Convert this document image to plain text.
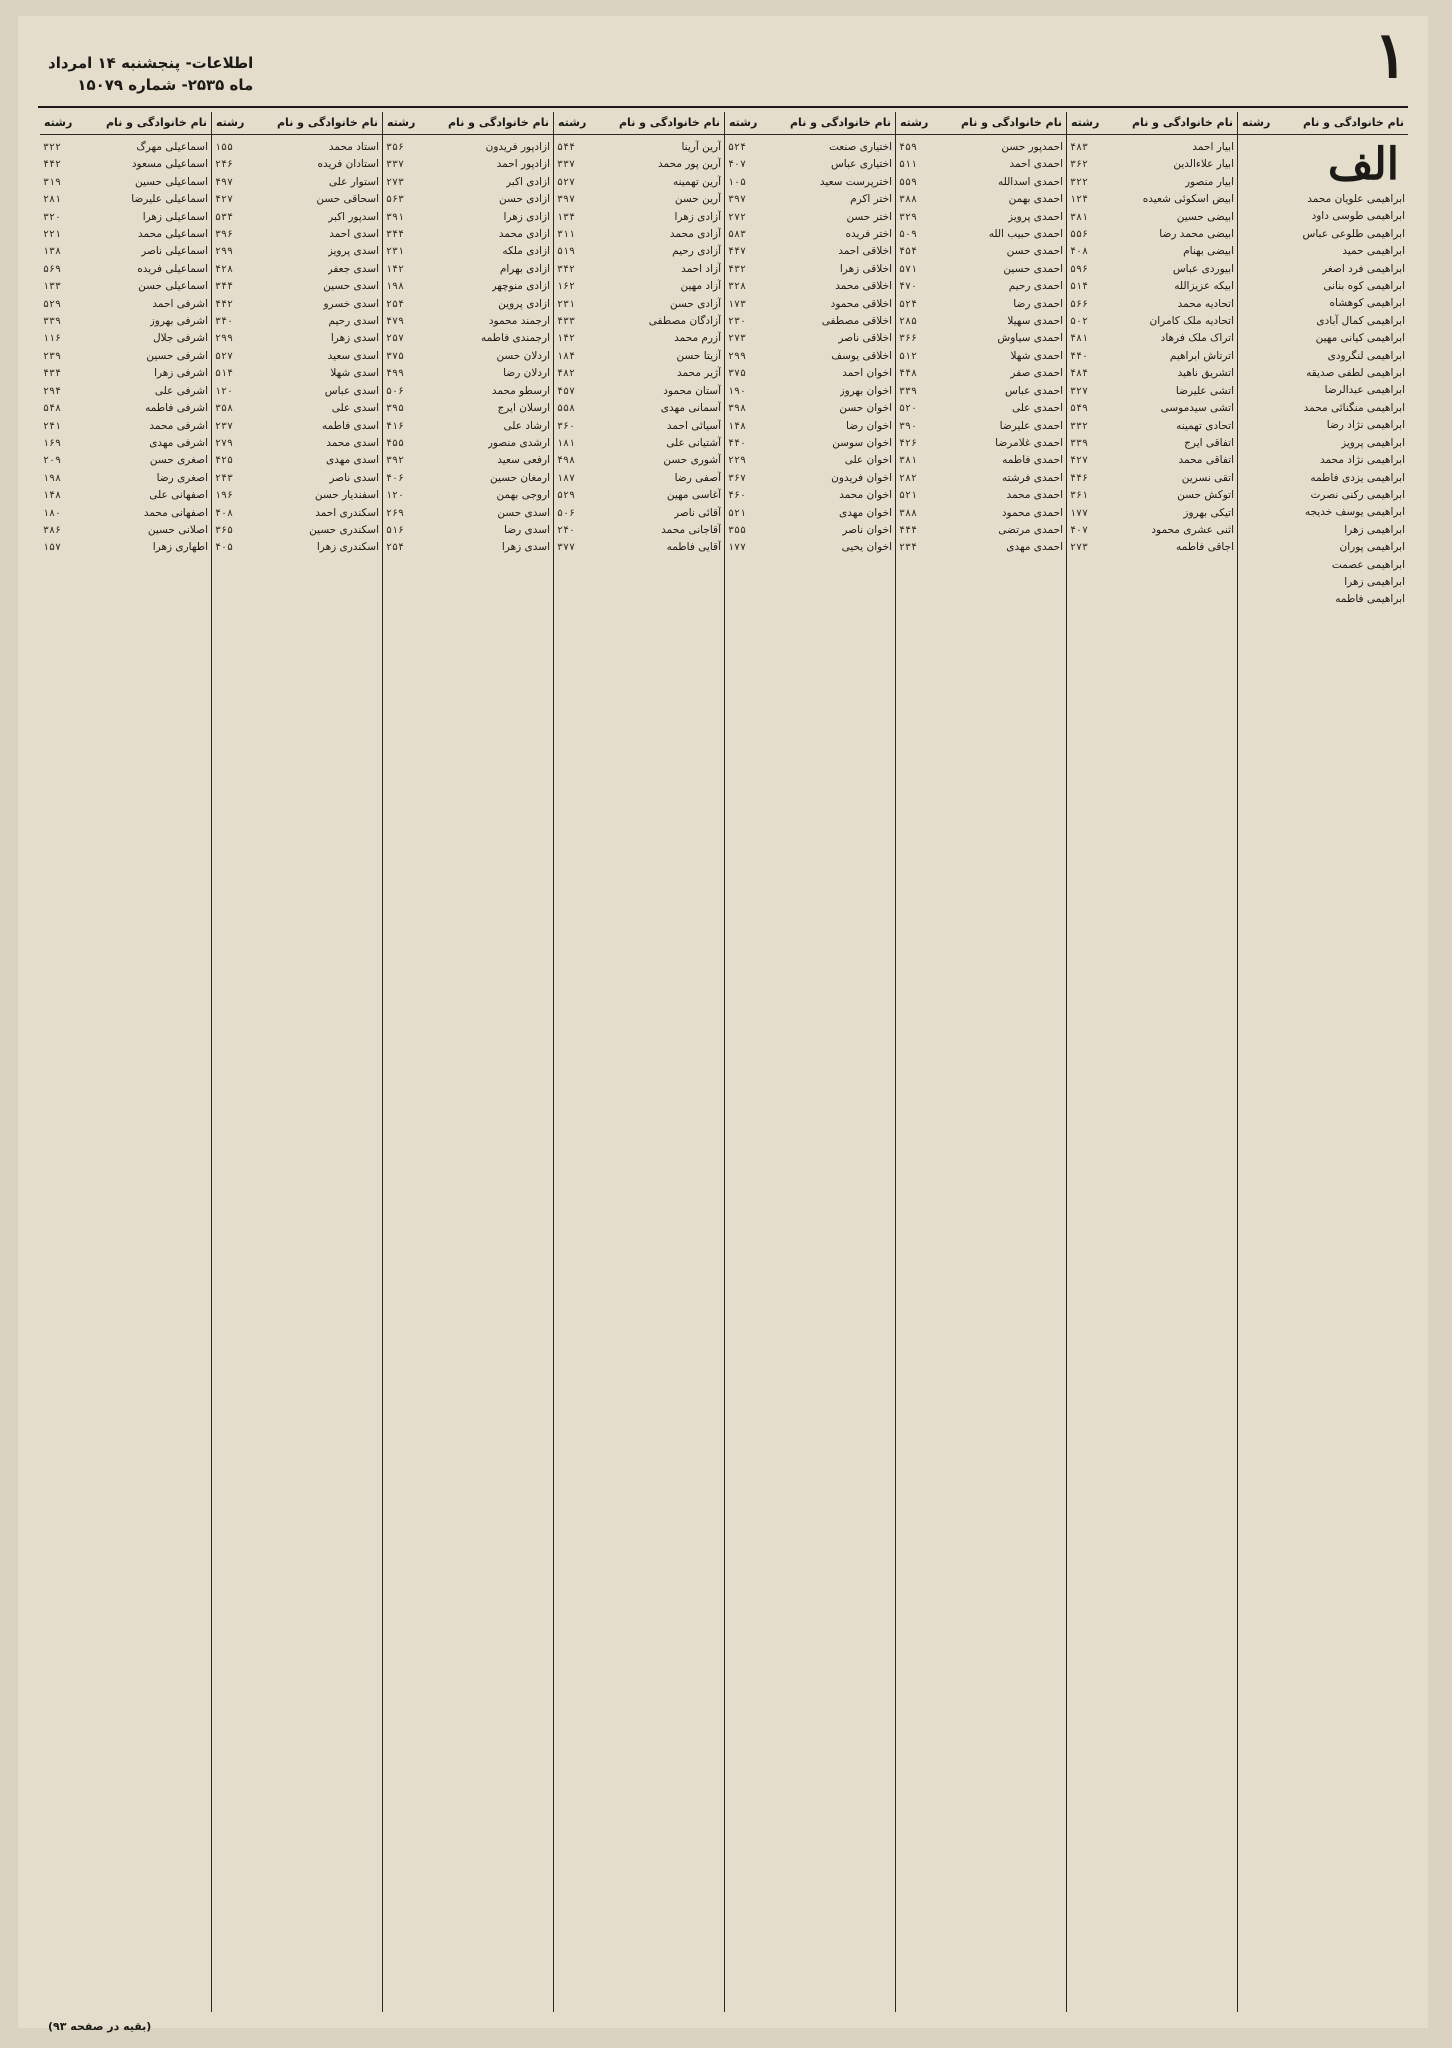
۱
اطلاعات- پنجشنبه ۱۴ امرداد
ماه ۲۵۳۵- شماره ۱۵۰۷۹
نام خانوادگی و نام
رشته
الف
ابراهيمی علويان محمد
ابراهيمی طوسی داود
ابراهيمی طلوعی عباس
ابراهيمی حميد
ابراهيمی فرد اصغر
ابراهيمی کوه بنانی
ابراهيمی کوهشاه
ابراهيمی کمال آبادی
ابراهيمی کيانی مهين
ابراهيمی لنگرودی
ابراهيمی لطفی صديقه
ابراهيمی عبدالرضا
ابراهيمی منگنائی محمد
ابراهيمی نژاد رضا
ابراهيمی پرويز
ابراهيمی نژاد محمد
ابراهيمی يزدی فاطمه
ابراهيمی رکنی نصرت
ابراهيمی يوسف خديجه
ابراهيمی زهرا
ابراهيمی پوران
ابراهيمی عصمت
ابراهيمی زهرا
ابراهيمی فاطمه
نام خانوادگی و نام
رشته
ابيار احمد
۴۸۳
ابيار علاءالدين
۳۶۲
ابيار منصور
۳۲۲
ابيض اسکوئی شعيده
۱۲۴
ابيضی حسين
۳۸۱
ابيضی محمد رضا
۵۵۶
ابيضی بهنام
۴۰۸
ابيوردی عباس
۵۹۶
ابيکه عزيزالله
۵۱۴
اتحاديه محمد
۵۶۶
اتحاديه ملک کامران
۵۰۲
اتراک ملک فرهاد
۴۸۱
اترتاش ابراهيم
۴۴۰
اتشريق ناهيد
۴۸۴
اتشی علیرضا
۳۲۷
اتشی سيدموسی
۵۴۹
اتحادی تهمينه
۳۳۲
اتفاقی ايرج
۳۳۹
اتفاقی محمد
۴۲۷
اتقی نسرين
۴۴۶
اتوکش حسن
۳۶۱
اتيکی بهروز
۱۷۷
اثنی عشری محمود
۴۰۷
اجاقی فاطمه
۲۷۳
نام خانوادگی و نام
رشته
احمدپور حسن
۴۵۹
احمدی احمد
۵۱۱
احمدی اسدالله
۵۵۹
احمدی بهمن
۳۸۸
احمدی پرويز
۳۲۹
احمدی حبيب الله
۵۰۹
احمدی حسن
۴۵۴
احمدی حسين
۵۷۱
احمدی رحيم
۴۷۰
احمدی رضا
۵۲۴
احمدی سهيلا
۲۸۵
احمدی سياوش
۳۶۶
احمدی شهلا
۵۱۲
احمدی صفر
۴۴۸
احمدی عباس
۳۳۹
احمدی علی
۵۲۰
احمدی علیرضا
۳۹۰
احمدی غلامرضا
۴۲۶
احمدی فاطمه
۳۸۱
احمدی فرشته
۲۸۲
احمدی محمد
۵۲۱
احمدی محمود
۳۸۸
احمدی مرتضی
۴۴۴
احمدی مهدی
۲۳۴
نام خانوادگی و نام
رشته
اختياری صنعت
۵۲۴
اختياری عباس
۴۰۷
اخترپرست سعيد
۱۰۵
اختر اکرم
۳۹۷
اختر حسن
۲۷۲
اختر فريده
۵۸۳
اخلاقی احمد
۴۴۷
اخلاقی زهرا
۴۳۲
اخلاقی محمد
۳۲۸
اخلاقی محمود
۱۷۳
اخلاقی مصطفی
۲۳۰
اخلاقی ناصر
۲۷۳
اخلاقی يوسف
۲۹۹
اخوان احمد
۳۷۵
اخوان بهروز
۱۹۰
اخوان حسن
۳۹۸
اخوان رضا
۱۴۸
اخوان سوسن
۴۴۰
اخوان علی
۲۲۹
اخوان فريدون
۳۶۷
اخوان محمد
۴۶۰
اخوان مهدی
۵۲۱
اخوان ناصر
۳۵۵
اخوان يحيی
۱۷۷
نام خانوادگی و نام
رشته
آرين آرينا
۵۴۴
آرين پور محمد
۳۳۷
آرين تهمينه
۵۲۷
آرين حسن
۳۹۷
آزادی زهرا
۱۳۴
آزادی محمد
۳۱۱
آزادی رحيم
۵۱۹
آزاد احمد
۳۴۲
آزاد مهين
۱۶۲
آزادی حسن
۲۳۱
آزادگان مصطفی
۴۳۳
آزرم محمد
۱۴۲
آزيتا حسن
۱۸۴
آژير محمد
۴۸۲
آستان محمود
۴۵۷
آسمانی مهدی
۵۵۸
آسيائی احمد
۳۶۰
آشتيانی علی
۱۸۱
آشوری حسن
۴۹۸
آصفی رضا
۱۸۷
آغاسی مهين
۵۲۹
آقائی ناصر
۵۰۶
آقاجانی محمد
۲۴۰
آقايی فاطمه
۳۷۷
نام خانوادگی و نام
رشته
ازادپور فريدون
۳۵۶
ازادپور احمد
۳۳۷
ازادی اکبر
۲۷۳
ازادی حسن
۵۶۳
ازادی زهرا
۳۹۱
ازادی محمد
۳۴۴
ازادی ملکه
۲۳۱
ازادی بهرام
۱۴۲
ازادی منوچهر
۱۹۸
ازادی پروين
۲۵۴
ارجمند محمود
۴۷۹
ارجمندی فاطمه
۲۵۷
اردلان حسن
۳۷۵
اردلان رضا
۴۹۹
ارسطو محمد
۵۰۶
ارسلان ايرج
۳۹۵
ارشاد علی
۴۱۶
ارشدی منصور
۴۵۵
ارفعی سعيد
۳۹۲
ارمغان حسين
۴۰۶
اروجی بهمن
۱۲۰
اسدی حسن
۲۶۹
اسدی رضا
۵۱۶
اسدی زهرا
۲۵۴
نام خانوادگی و نام
رشته
استاد محمد
۱۵۵
استادان فريده
۲۴۶
استوار علی
۴۹۷
اسحاقی حسن
۴۲۷
اسدپور اکبر
۵۳۴
اسدی احمد
۳۹۶
اسدی پرويز
۲۹۹
اسدی جعفر
۴۲۸
اسدی حسين
۳۴۴
اسدی خسرو
۴۴۲
اسدی رحيم
۳۴۰
اسدی زهرا
۲۹۹
اسدی سعيد
۵۲۷
اسدی شهلا
۵۱۴
اسدی عباس
۱۲۰
اسدی علی
۳۵۸
اسدی فاطمه
۲۳۷
اسدی محمد
۲۷۹
اسدی مهدی
۴۲۵
اسدی ناصر
۲۴۳
اسفنديار حسن
۱۹۶
اسکندری احمد
۴۰۸
اسکندری حسين
۳۶۵
اسکندری زهرا
۴۰۵
نام خانوادگی و نام
رشته
اسماعيلی مهرگ
۳۲۲
اسماعيلی مسعود
۴۴۲
اسماعيلی حسين
۳۱۹
اسماعيلی علیرضا
۲۸۱
اسماعيلی زهرا
۳۲۰
اسماعيلی محمد
۲۲۱
اسماعيلی ناصر
۱۳۸
اسماعيلی فريده
۵۶۹
اسماعيلی حسن
۱۳۳
اشرفی احمد
۵۲۹
اشرفی بهروز
۳۳۹
اشرفی جلال
۱۱۶
اشرفی حسين
۲۳۹
اشرفی زهرا
۴۳۴
اشرفی علی
۲۹۴
اشرفی فاطمه
۵۴۸
اشرفی محمد
۲۴۱
اشرفی مهدی
۱۶۹
اصغری حسن
۲۰۹
اصغری رضا
۱۹۸
اصفهانی علی
۱۴۸
اصفهانی محمد
۱۸۰
اصلانی حسين
۳۸۶
اطهاری زهرا
۱۵۷
(بقيه در صفحه ۹۳)
